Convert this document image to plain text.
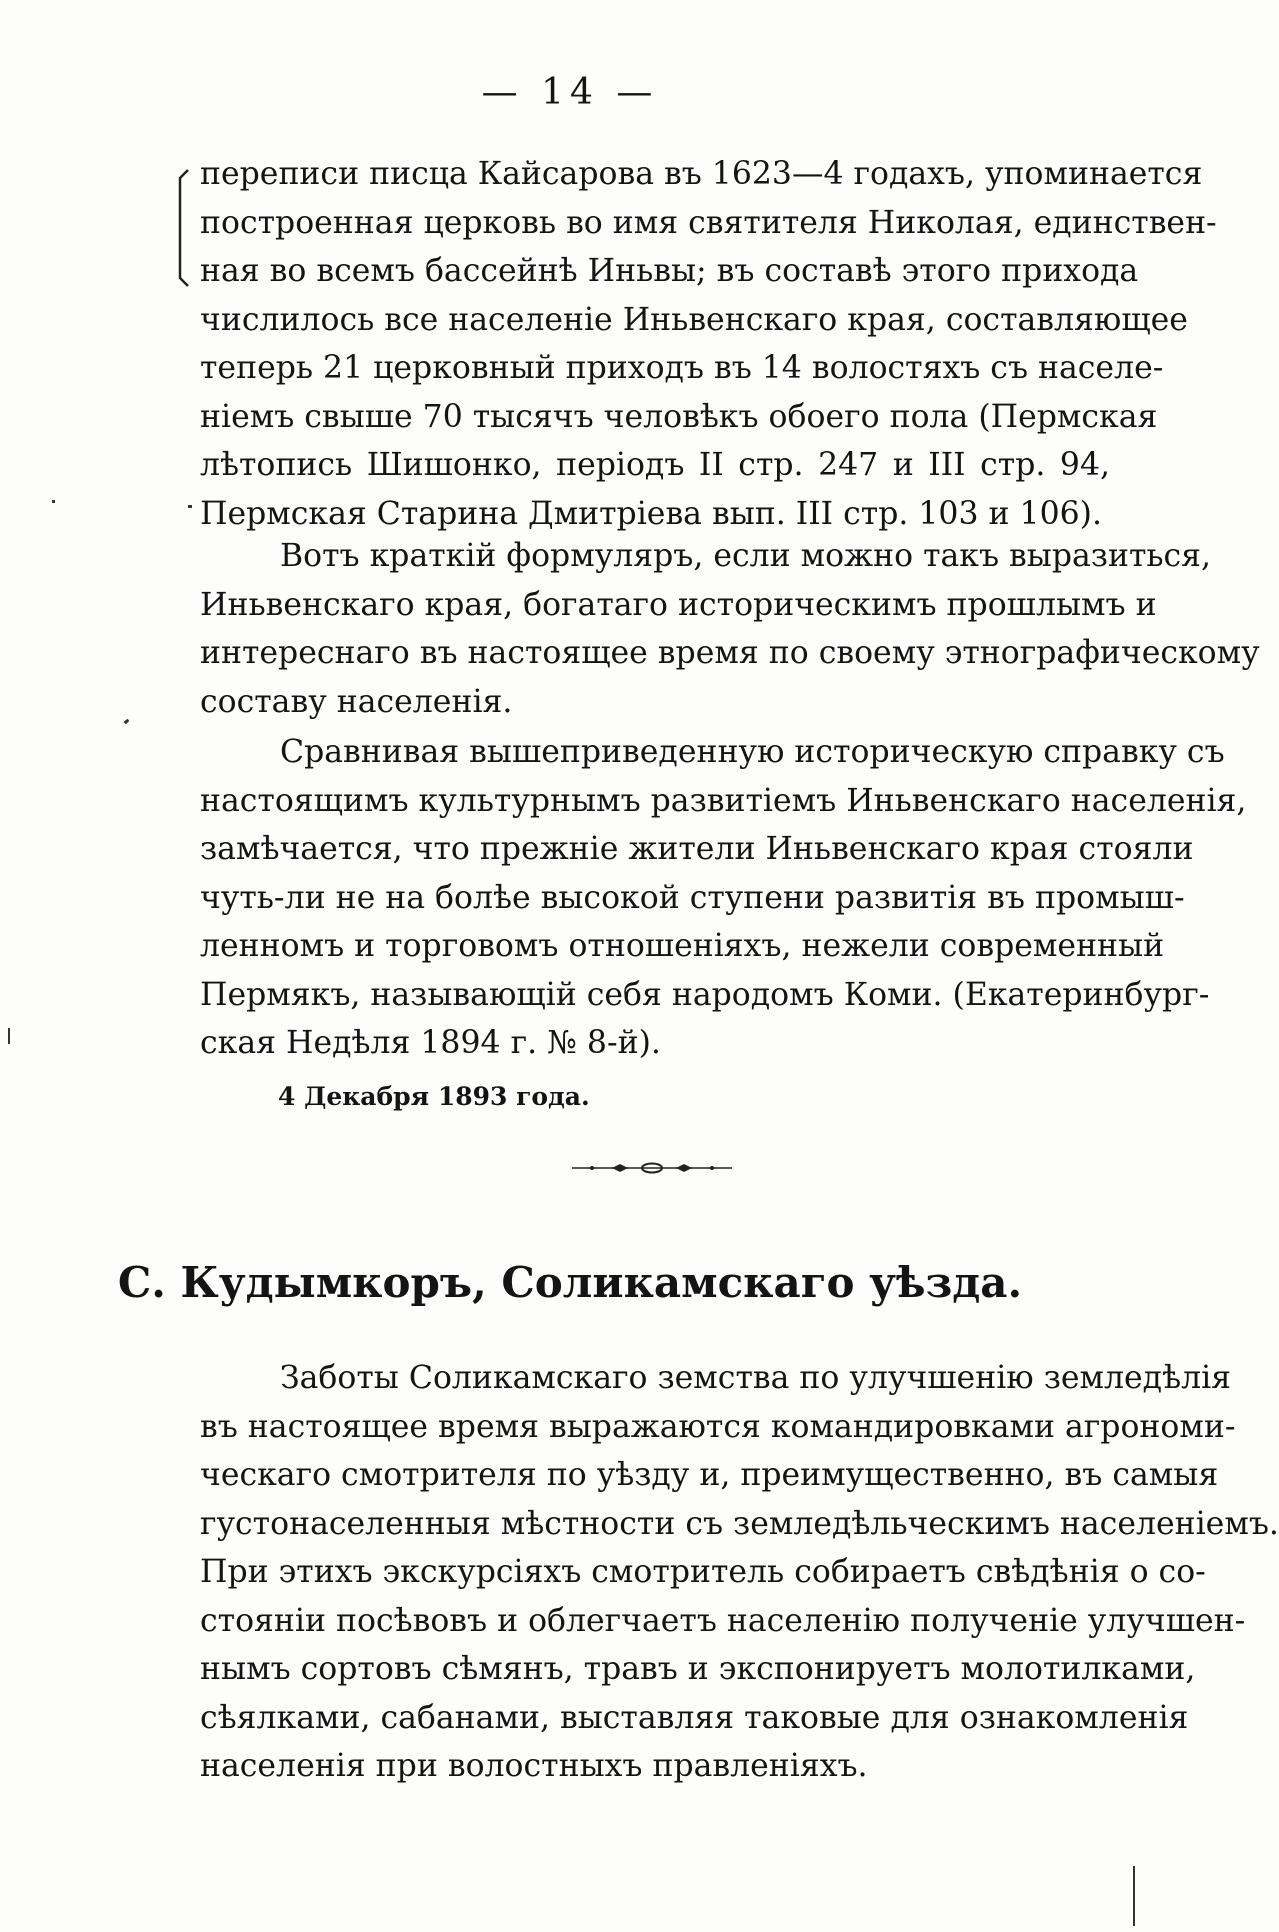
— 14 —
переписи писца Кайсарова въ 1623—4 годахъ, упоминается
построенная церковь во имя святителя Николая, единствен-
ная во всемъ бассейнѣ Иньвы; въ составѣ этого прихода
числилось все населеніе Иньвенскаго края, составляющее
теперь 21 церковный приходъ въ 14 волостяхъ съ населе-
ніемъ свыше 70 тысячъ человѣкъ обоего пола (Пермская
лѣтопись Шишонко, періодъ II стр. 247 и III стр. 94,
Пермская Старина Дмитріева вып. III стр. 103 и 106).
Вотъ краткій формуляръ, если можно такъ выразиться,
Иньвенскаго края, богатаго историческимъ прошлымъ и
интереснаго въ настоящее время по своему этнографическому
составу населенія.
Сравнивая вышеприведенную историческую справку съ
настоящимъ культурнымъ развитіемъ Иньвенскаго населенія,
замѣчается, что прежніе жители Иньвенскаго края стояли
чуть-ли не на болѣе высокой ступени развитія въ промыш-
ленномъ и торговомъ отношеніяхъ, нежели современный
Пермякъ, называющій себя народомъ Коми. (Екатеринбург-
ская Недѣля 1894 г. № 8-й).
4 Декабря 1893 года.
С. Кудымкоръ, Соликамскаго уѣзда.
Заботы Соликамскаго земства по улучшенію земледѣлія
въ настоящее время выражаются командировками агрономи-
ческаго смотрителя по уѣзду и, преимущественно, въ самыя
густонаселенныя мѣстности съ земледѣльческимъ населеніемъ.
При этихъ экскурсіяхъ смотритель собираетъ свѣдѣнія о со-
стояніи посѣвовъ и облегчаетъ населенію полученіе улучшен-
нымъ сортовъ сѣмянъ, травъ и экспонируетъ молотилками,
сѣялками, сабанами, выставляя таковые для ознакомленія
населенія при волостныхъ правленіяхъ.
